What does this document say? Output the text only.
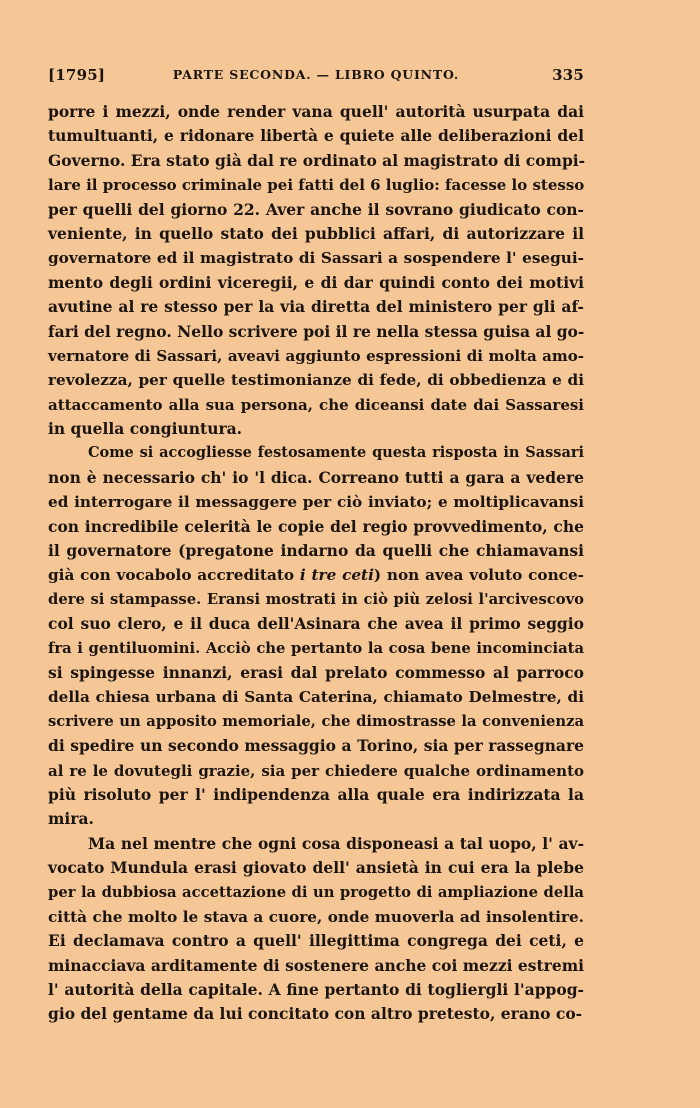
[1795]	PARTE SECONDA. — LIBRO QUINTO.	335
porre i mezzi, onde render vana quell' autorità usurpata dai
tumultuanti, e ridonare libertà e quiete alle deliberazioni del
Governo. Era stato già dal re ordinato al magistrato di compi-
lare il processo criminale pei fatti del 6 luglio: facesse lo stesso
per quelli del giorno 22. Aver anche il sovrano giudicato con-
veniente, in quello stato dei pubblici affari, di autorizzare il
governatore ed il magistrato di Sassari a sospendere l' esegui-
mento degli ordini viceregii, e di dar quindi conto dei motivi
avutine al re stesso per la via diretta del ministero per gli af-
fari del regno. Nello scrivere poi il re nella stessa guisa al go-
vernatore di Sassari, aveavi aggiunto espressioni di molta amo-
revolezza, per quelle testimonianze di fede, di obbedienza e di
attaccamento alla sua persona, che diceansi date dai Sassaresi
in quella congiuntura.
Come si accogliesse festosamente questa risposta in Sassari
non è necessario ch' io 'l dica. Correano tutti a gara a vedere
ed interrogare il messaggere per ciò inviato; e moltiplicavansi
con incredibile celerità le copie del regio provvedimento, che
il governatore (pregatone indarno da quelli che chiamavansi
già con vocabolo accreditato i tre ceti) non avea voluto conce-
dere si stampasse. Eransi mostrati in ciò più zelosi l'arcivescovo
col suo clero, e il duca dell'Asinara che avea il primo seggio
fra i gentiluomini. Acciò che pertanto la cosa bene incominciata
si spingesse innanzi, erasi dal prelato commesso al parroco
della chiesa urbana di Santa Caterina, chiamato Delmestre, di
scrivere un apposito memoriale, che dimostrasse la convenienza
di spedire un secondo messaggio a Torino, sia per rassegnare
al re le dovutegli grazie, sia per chiedere qualche ordinamento
più risoluto per l' indipendenza alla quale era indirizzata la
mira.
Ma nel mentre che ogni cosa disponeasi a tal uopo, l' av-
vocato Mundula erasi giovato dell' ansietà in cui era la plebe
per la dubbiosa accettazione di un progetto di ampliazione della
città che molto le stava a cuore, onde muoverla ad insolentire.
Ei declamava contro a quell' illegittima congrega dei ceti, e
minacciava arditamente di sostenere anche coi mezzi estremi
l' autorità della capitale. A fine pertanto di togliergli l'appog-
gio del gentame da lui concitato con altro pretesto, erano co-
